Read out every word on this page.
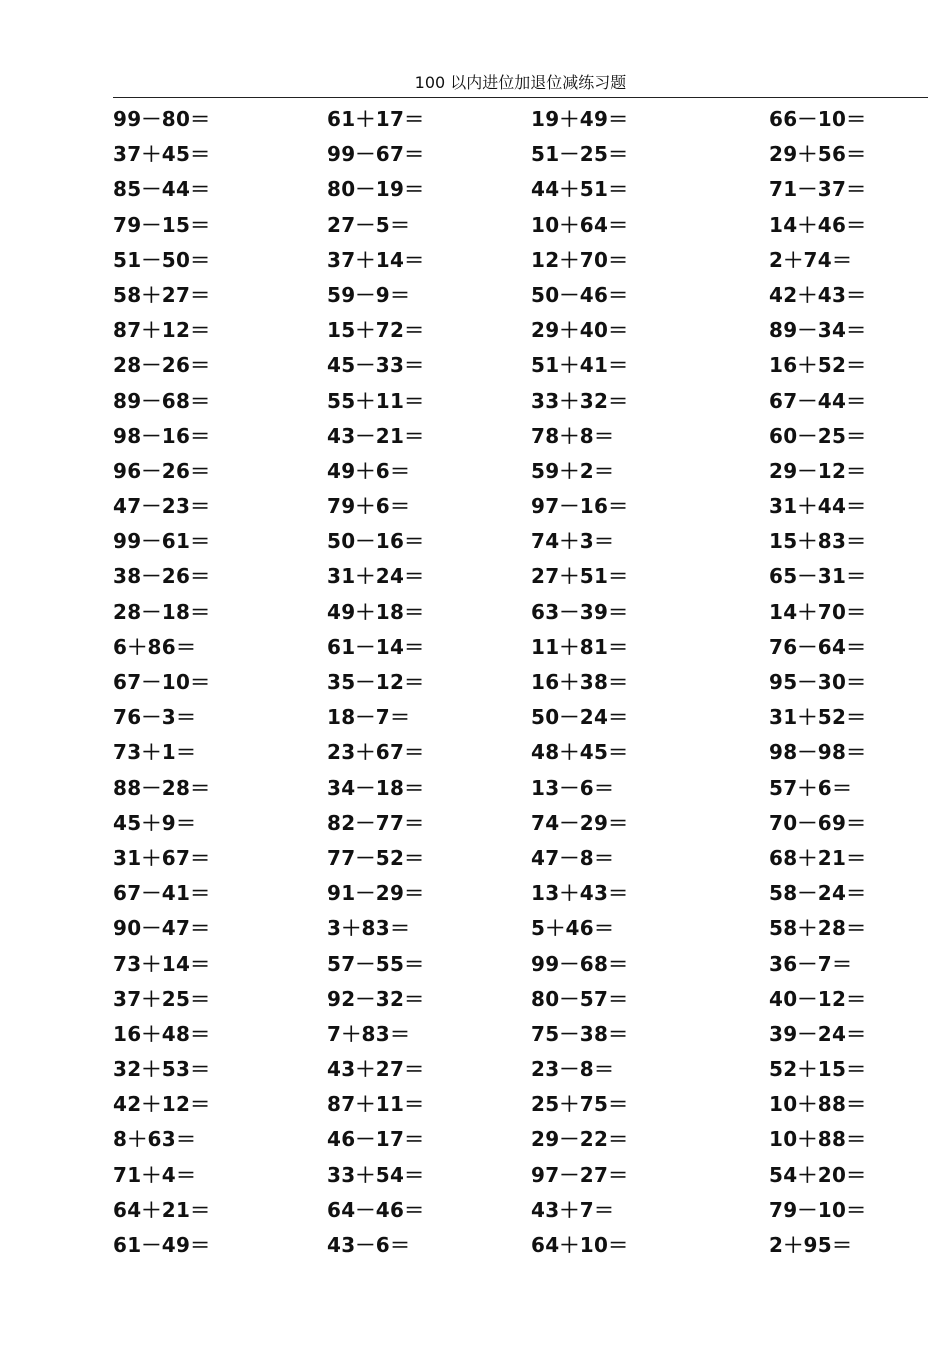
100 以内进位加退位减练习题
99－80＝
37＋45＝
85－44＝
79－15＝
51－50＝
58＋27＝
87＋12＝
28－26＝
89－68＝
98－16＝
96－26＝
47－23＝
99－61＝
38－26＝
28－18＝
6＋86＝
67－10＝
76－3＝
73＋1＝
88－28＝
45＋9＝
31＋67＝
67－41＝
90－47＝
73＋14＝
37＋25＝
16＋48＝
32＋53＝
42＋12＝
8＋63＝
71＋4＝
64＋21＝
61－49＝
61＋17＝
99－67＝
80－19＝
27－5＝
37＋14＝
59－9＝
15＋72＝
45－33＝
55＋11＝
43－21＝
49＋6＝
79＋6＝
50－16＝
31＋24＝
49＋18＝
61－14＝
35－12＝
18－7＝
23＋67＝
34－18＝
82－77＝
77－52＝
91－29＝
3＋83＝
57－55＝
92－32＝
7＋83＝
43＋27＝
87＋11＝
46－17＝
33＋54＝
64－46＝
43－6＝
19＋49＝
51－25＝
44＋51＝
10＋64＝
12＋70＝
50－46＝
29＋40＝
51＋41＝
33＋32＝
78＋8＝
59＋2＝
97－16＝
74＋3＝
27＋51＝
63－39＝
11＋81＝
16＋38＝
50－24＝
48＋45＝
13－6＝
74－29＝
47－8＝
13＋43＝
5＋46＝
99－68＝
80－57＝
75－38＝
23－8＝
25＋75＝
29－22＝
97－27＝
43＋7＝
64＋10＝
66－10＝
29＋56＝
71－37＝
14＋46＝
2＋74＝
42＋43＝
89－34＝
16＋52＝
67－44＝
60－25＝
29－12＝
31＋44＝
15＋83＝
65－31＝
14＋70＝
76－64＝
95－30＝
31＋52＝
98－98＝
57＋6＝
70－69＝
68＋21＝
58－24＝
58＋28＝
36－7＝
40－12＝
39－24＝
52＋15＝
10＋88＝
10＋88＝
54＋20＝
79－10＝
2＋95＝
